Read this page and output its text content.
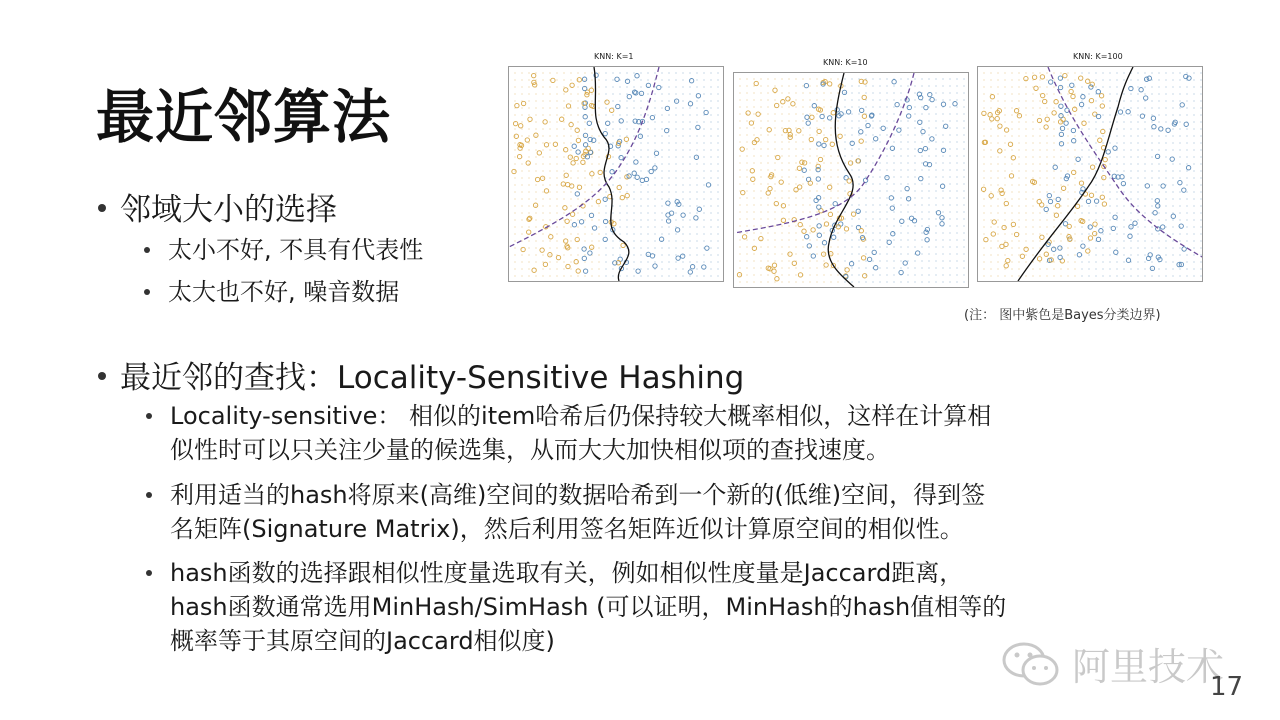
最近邻算法
KNN: K=1
KNN: K=10
KNN: K=100
(注： 图中紫色是Bayes分类边界)
邻域大小的选择
太小不好, 不具有代表性
太大也不好, 噪音数据
最近邻的查找：Locality-Sensitive Hashing
Locality-sensitive： 相似的item哈希后仍保持较大概率相似，这样在计算相
似性时可以只关注少量的候选集，从而大大加快相似项的查找速度。
利用适当的hash将原来(高维)空间的数据哈希到一个新的(低维)空间，得到签
名矩阵(Signature Matrix)，然后利用签名矩阵近似计算原空间的相似性。
hash函数的选择跟相似性度量选取有关，例如相似性度量是Jaccard距离，
hash函数通常选用MinHash/SimHash (可以证明，MinHash的hash值相等的
概率等于其原空间的Jaccard相似度)
阿里技术
17
